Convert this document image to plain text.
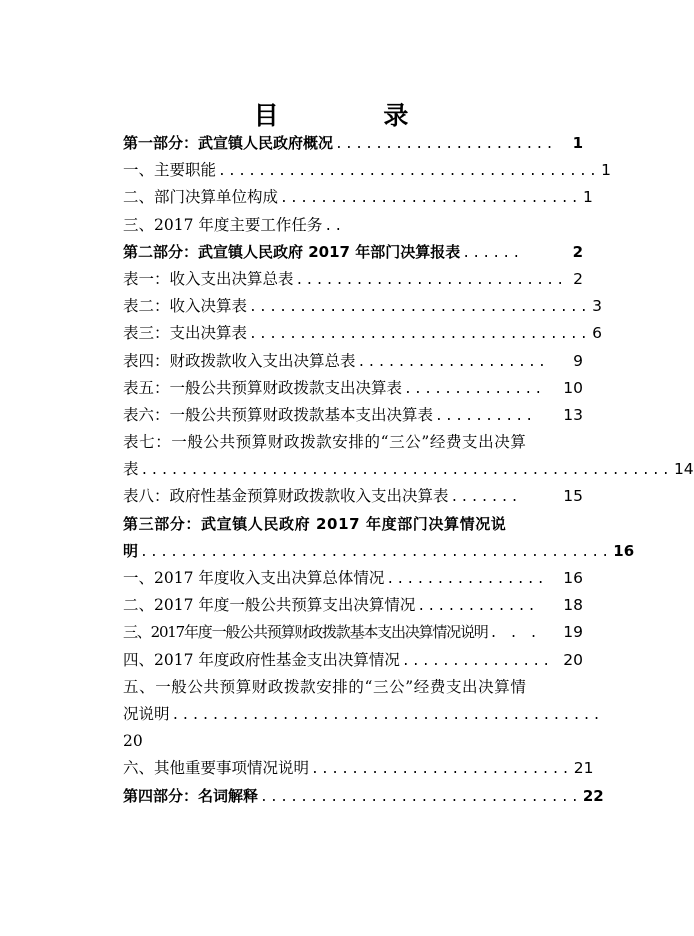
目 录
第一部分：武宣镇人民政府概况 ......................	1
一、主要职能 ...................................... 1
二、部门决算单位构成 .............................. 1
三、2017 年度主要工作任务 ..
第二部分：武宣镇人民政府 2017 年部门决算报表 ......	2
表一：收入支出决算总表 ........................... 2
表二：收入决算表 .................................. 3
表三：支出决算表 .................................. 6
表四：财政拨款收入支出决算总表 ...................	9
表五：一般公共预算财政拨款支出决算表 ..............	10
表六：一般公共预算财政拨款基本支出决算表 ..........	13
表七：一般公共预算财政拨款安排的“三公”经费支出决算
表 ..................................................... 14
表八：政府性基金预算财政拨款收入支出决算表 .......	15
第三部分：武宣镇人民政府 2017 年度部门决算情况说
明 ............................................... 16
一、2017 年度收入支出决算总体情况 ................	16
二、2017 年度一般公共预算支出决算情况 ............	18
三、2017年度一般公共预算财政拨款基本支出决算情况说明 . . .	19
四、2017 年度政府性基金支出决算情况 ............... 20
五、一般公共预算财政拨款安排的“三公”经费支出决算情
况说明 ...........................................
20
六、其他重要事项情况说明 .......................... 21
第四部分：名词解释 ................................ 22
